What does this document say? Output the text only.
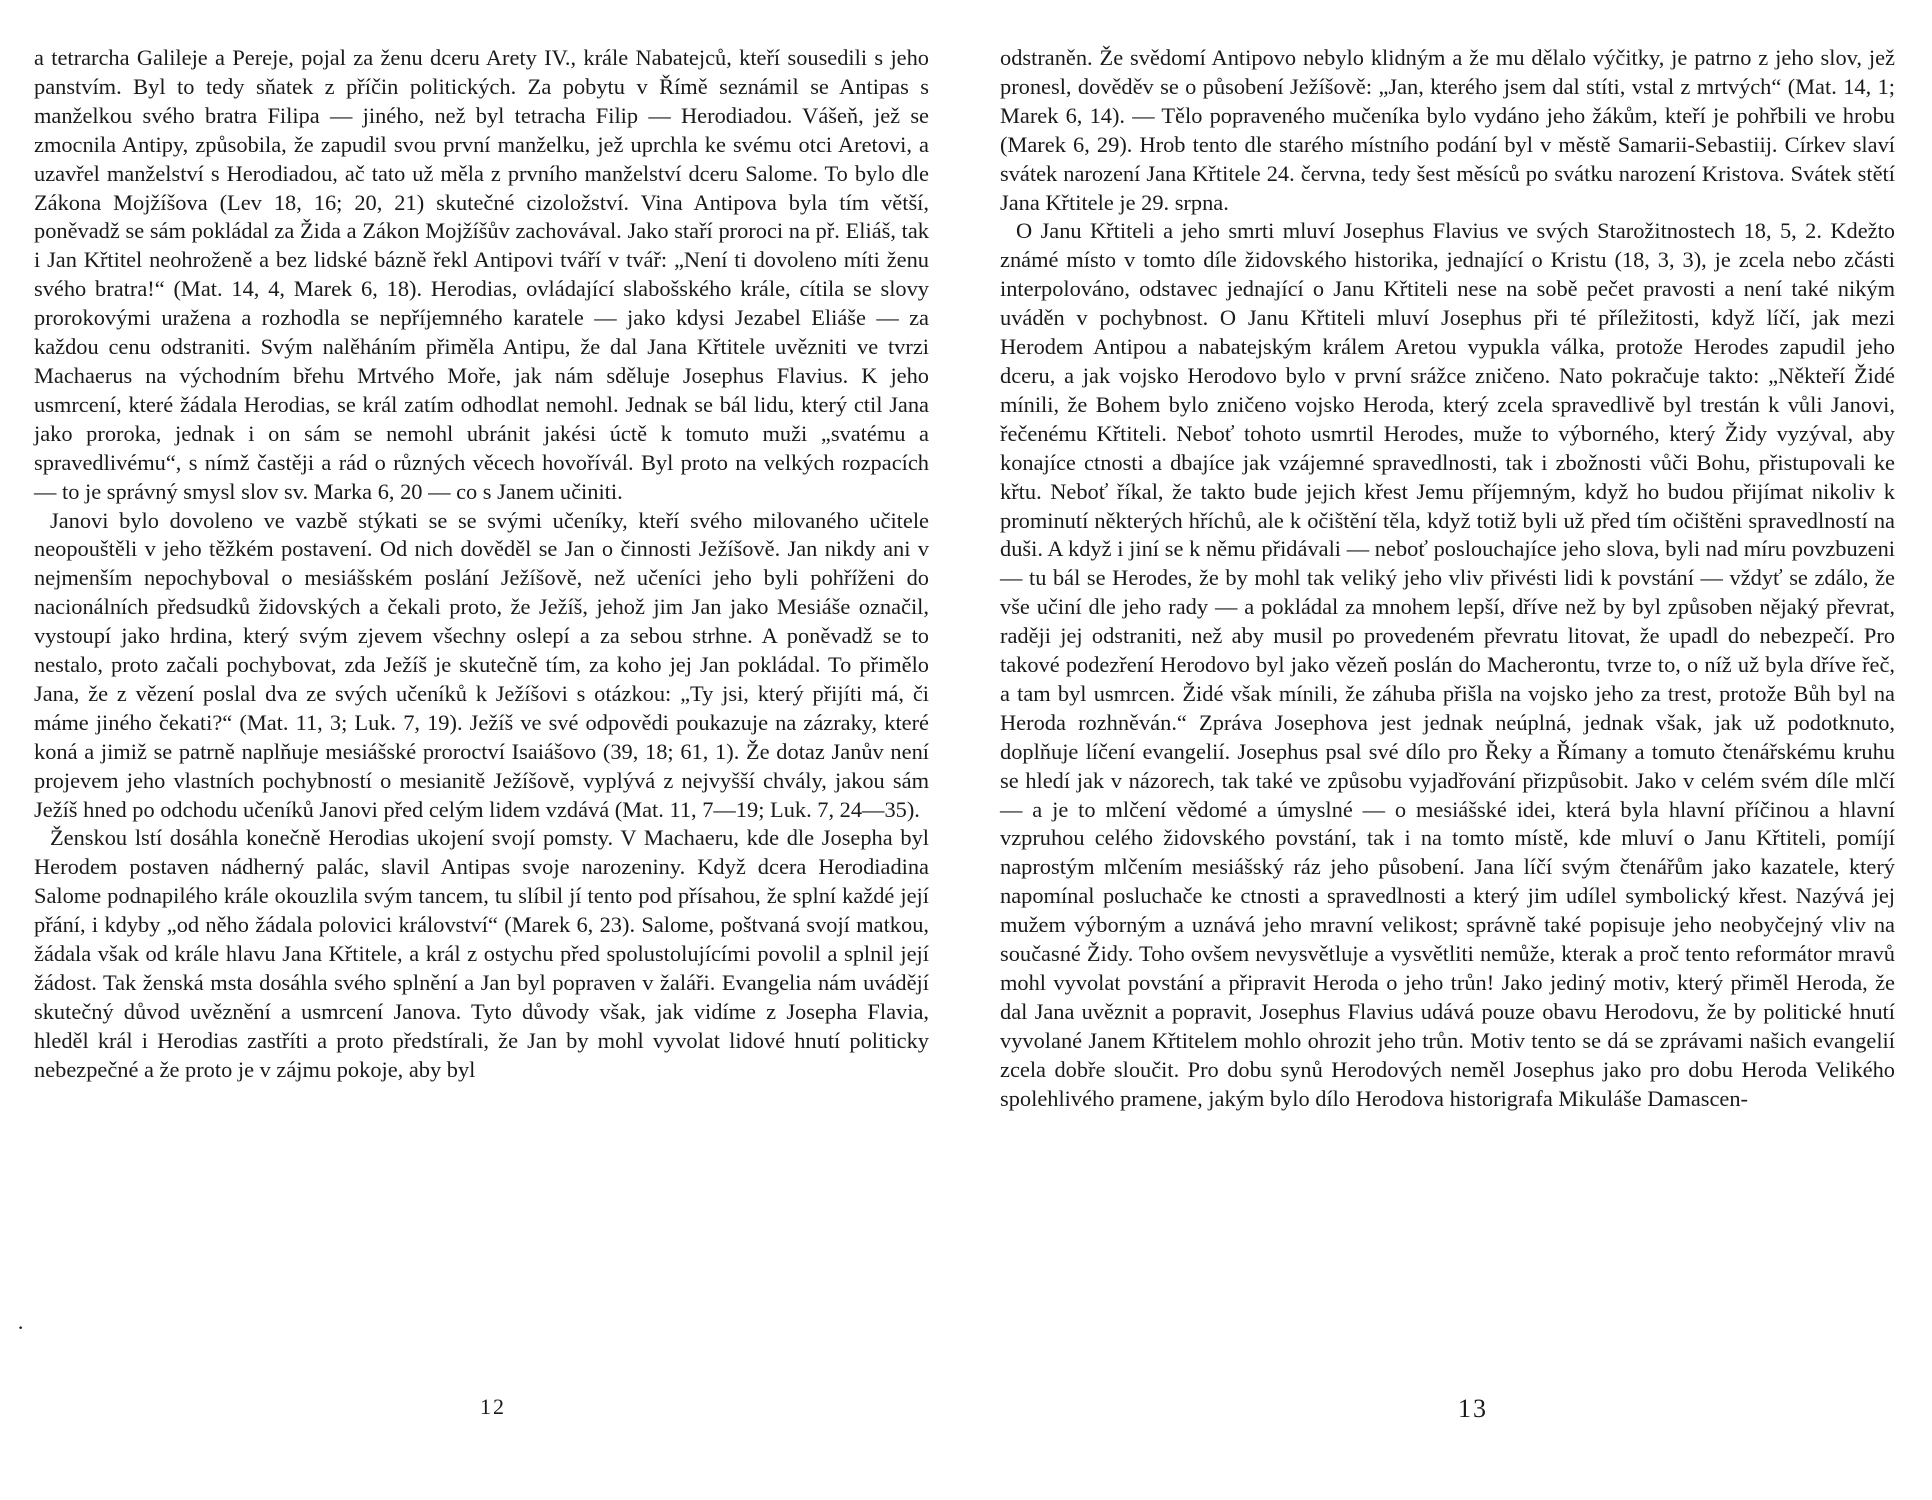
a tetrarcha Galileje a Pereje, pojal za ženu dceru Arety IV., krále Nabatejců, kteří sousedili s jeho panstvím. Byl to tedy sňatek z příčin politických. Za pobytu v Římě seznámil se Antipas s manželkou svého bratra Filipa — jiného, než byl tetracha Filip — Herodiadou. Vášeň, jež se zmocnila Antipy, způsobila, že zapudil svou první manželku, jež uprchla ke svému otci Aretovi, a uzavřel manželství s Herodiadou, ač tato už měla z prvního manželství dceru Salome. To bylo dle Zákona Mojžíšova (Lev 18, 16; 20, 21) skutečné cizoložství. Vina Antipova byla tím větší, poněvadž se sám pokládal za Žida a Zákon Mojžíšův zachovával. Jako staří proroci na př. Eliáš, tak i Jan Křtitel neohroženě a bez lidské bázně řekl Antipovi tváří v tvář: „Není ti dovoleno míti ženu svého bratra!“ (Mat. 14, 4, Marek 6, 18). Herodias, ovládající slabošského krále, cítila se slovy prorokovými uražena a rozhodla se nepříjemného karatele — jako kdysi Jezabel Eliáše — za každou cenu odstraniti. Svým nalěháním přiměla Antipu, že dal Jana Křtitele uvězniti ve tvrzi Machaerus na východním břehu Mrtvého Moře, jak nám sděluje Josephus Flavius. K jeho usmrcení, které žádala Herodias, se král zatím odhodlat nemohl. Jednak se bál lidu, který ctil Jana jako proroka, jednak i on sám se nemohl ubránit jakési úctě k tomuto muži „svatému a spravedlivému“, s nímž častěji a rád o různých věcech hovořívál. Byl proto na velkých rozpacích — to je správný smysl slov sv. Marka 6, 20 — co s Janem učiniti.

Janovi bylo dovoleno ve vazbě stýkati se se svými učeníky, kteří svého milovaného učitele neopouštěli v jeho těžkém postavení. Od nich dověděl se Jan o činnosti Ježíšově. Jan nikdy ani v nejmenším nepochyboval o mesiášském poslání Ježíšově, než učeníci jeho byli pohříženi do nacionálních předsudků židovských a čekali proto, že Ježíš, jehož jim Jan jako Mesiáše označil, vystoupí jako hrdina, který svým zjevem všechny oslepí a za sebou strhne. A poněvadž se to nestalo, proto začali pochybovat, zda Ježíš je skutečně tím, za koho jej Jan pokládal. To přimělo Jana, že z vězení poslal dva ze svých učeníků k Ježíšovi s otázkou: „Ty jsi, který přijíti má, či máme jiného čekati?“ (Mat. 11, 3; Luk. 7, 19). Ježíš ve své odpovědi poukazuje na zázraky, které koná a jimiž se patrně naplňuje mesiášské proroctví Isaiášovo (39, 18; 61, 1). Že dotaz Janův není projevem jeho vlastních pochybností o mesianitě Ježíšově, vyplývá z nejvyšší chvály, jakou sám Ježíš hned po odchodu učeníků Janovi před celým lidem vzdává (Mat. 11, 7—19; Luk. 7, 24—35).

Ženskou lstí dosáhla konečně Herodias ukojení svojí pomsty. V Machaeru, kde dle Josepha byl Herodem postaven nádherný palác, slavil Antipas svoje narozeniny. Když dcera Herodiadina Salome podnapilého krále okouzlila svým tancem, tu slíbil jí tento pod přísahou, že splní každé její přání, i kdyby „od něho žádala polovici království“ (Marek 6, 23). Salome, poštvaná svojí matkou, žádala však od krále hlavu Jana Křtitele, a král z ostychu před spolustolujícími povolil a splnil její žádost. Tak ženská msta dosáhla svého splnění a Jan byl popraven v žaláři. Evangelia nám uvádějí skutečný důvod uvěznění a usmrcení Janova. Tyto důvody však, jak vidíme z Josepha Flavia, hleděl král i Herodias zastříti a proto předstírali, že Jan by mohl vyvolat lidové hnutí politicky nebezpečné a že proto je v zájmu pokoje, aby byl

·

odstraněn. Že svědomí Antipovo nebylo klidným a že mu dělalo výčitky, je patrno z jeho slov, jež pronesl, dověděv se o působení Ježíšově: „Jan, kterého jsem dal stíti, vstal z mrtvých“ (Mat. 14, 1; Marek 6, 14). — Tělo popraveného mučeníka bylo vydáno jeho žákům, kteří je pohřbili ve hrobu (Marek 6, 29). Hrob tento dle starého místního podání byl v městě Samarii-Sebastiij. Církev slaví svátek narození Jana Křtitele 24. června, tedy šest měsíců po svátku narození Kristova. Svátek stětí Jana Křtitele je 29. srpna.

O Janu Křtiteli a jeho smrti mluví Josephus Flavius ve svých Starožitnostech 18, 5, 2. Kdežto známé místo v tomto díle židovského historika, jednající o Kristu (18, 3, 3), je zcela nebo zčásti interpolováno, odstavec jednající o Janu Křtiteli nese na sobě pečet pravosti a není také nikým uváděn v pochybnost. O Janu Křtiteli mluví Josephus při té příležitosti, když líčí, jak mezi Herodem Antipou a nabatejským králem Aretou vypukla válka, protože Herodes zapudil jeho dceru, a jak vojsko Herodovo bylo v první srážce zničeno. Nato pokračuje takto: „Někteří Židé mínili, že Bohem bylo zničeno vojsko Heroda, který zcela spravedlivě byl trestán k vůli Janovi, řečenému Křtiteli. Neboť tohoto usmrtil Herodes, muže to výborného, který Židy vyzýval, aby konajíce ctnosti a dbajíce jak vzájemné spravedlnosti, tak i zbožnosti vůči Bohu, přistupovali ke křtu. Neboť říkal, že takto bude jejich křest Jemu příjemným, když ho budou přijímat nikoliv k prominutí některých hříchů, ale k očištění těla, když totiž byli už před tím očištěni spravedlností na duši. A když i jiní se k němu přidávali — neboť poslouchajíce jeho slova, byli nad míru povzbuzeni — tu bál se Herodes, že by mohl tak veliký jeho vliv přivésti lidi k povstání — vždyť se zdálo, že vše učiní dle jeho rady — a pokládal za mnohem lepší, dříve než by byl způsoben nějaký převrat, raději jej odstraniti, než aby musil po provedeném převratu litovat, že upadl do nebezpečí. Pro takové podezření Herodovo byl jako vězeň poslán do Macherontu, tvrze to, o níž už byla dříve řeč, a tam byl usmrcen. Židé však mínili, že záhuba přišla na vojsko jeho za trest, protože Bůh byl na Heroda rozhněván.“ Zpráva Josephova jest jednak neúplná, jednak však, jak už podotknuto, doplňuje líčení evangelií. Josephus psal své dílo pro Řeky a Římany a tomuto čtenářskému kruhu se hledí jak v názorech, tak také ve způsobu vyjadřování přizpůsobit. Jako v celém svém díle mlčí — a je to mlčení vědomé a úmyslné — o mesiášské idei, která byla hlavní příčinou a hlavní vzpruhou celého židovského povstání, tak i na tomto místě, kde mluví o Janu Křtiteli, pomíjí naprostým mlčením mesiášský ráz jeho působení. Jana líčí svým čtenářům jako kazatele, který napomínal posluchače ke ctnosti a spravedlnosti a který jim udílel symbolický křest. Nazývá jej mužem výborným a uznává jeho mravní velikost; správně také popisuje jeho neobyčejný vliv na současné Židy. Toho ovšem nevysvětluje a vysvětliti nemůže, kterak a proč tento reformátor mravů mohl vyvolat povstání a připravit Heroda o jeho trůn! Jako jediný motiv, který přiměl Heroda, že dal Jana uvěznit a popravit, Josephus Flavius udává pouze obavu Herodovu, že by politické hnutí vyvolané Janem Křtitelem mohlo ohrozit jeho trůn. Motiv tento se dá se zprávami našich evangelií zcela dobře sloučit. Pro dobu synů Herodových neměl Josephus jako pro dobu Heroda Velikého spolehlivého pramene, jakým bylo dílo Herodova historigrafa Mikuláše Damascen-

12	13
